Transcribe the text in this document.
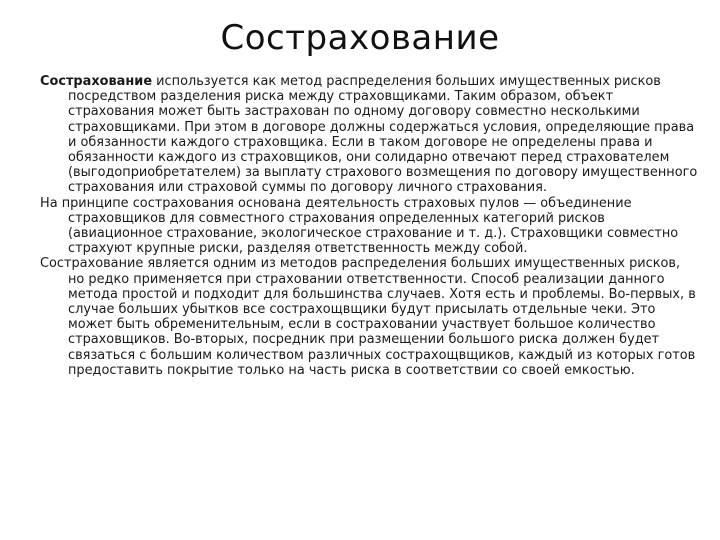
Сострахование

Сострахование используется как метод распределения больших имущественных рисков посредством разделения риска между страховщиками. Таким образом, объект страхования может быть застрахован по одному договору совместно несколькими страховщиками. При этом в договоре должны содержаться условия, определяющие права и обязанности каждого страховщика. Если в таком договоре не определены права и обязанности каждого из страховщиков, они солидарно отвечают перед страхователем (выгодоприобретателем) за выплату страхового возмещения по договору имущественного страхования или страховой суммы по договору личного страхования.

На принципе сострахования основана деятельность страховых пулов — объединение страховщиков для совместного страхования определенных категорий рисков (авиационное страхование, экологическое страхование и т. д.). Страховщики совместно страхуют крупные риски, разделяя ответственность между собой.

Сострахование является одним из методов распределения больших имущественных рисков, но редко применяется при страховании ответственности. Способ реализации данного метода простой и подходит для большинства случаев. Хотя есть и проблемы. Во-первых, в случае больших убытков все сострахощвщики будут присылать отдельные чеки. Это может быть обременительным, если в состраховании участвует большое количество страховщиков. Во-вторых, посредник при размещении большого риска должен будет связаться с большим количеством различных сострахощвщиков, каждый из которых готов предоставить покрытие только на часть риска в соответствии со своей емкостью.
